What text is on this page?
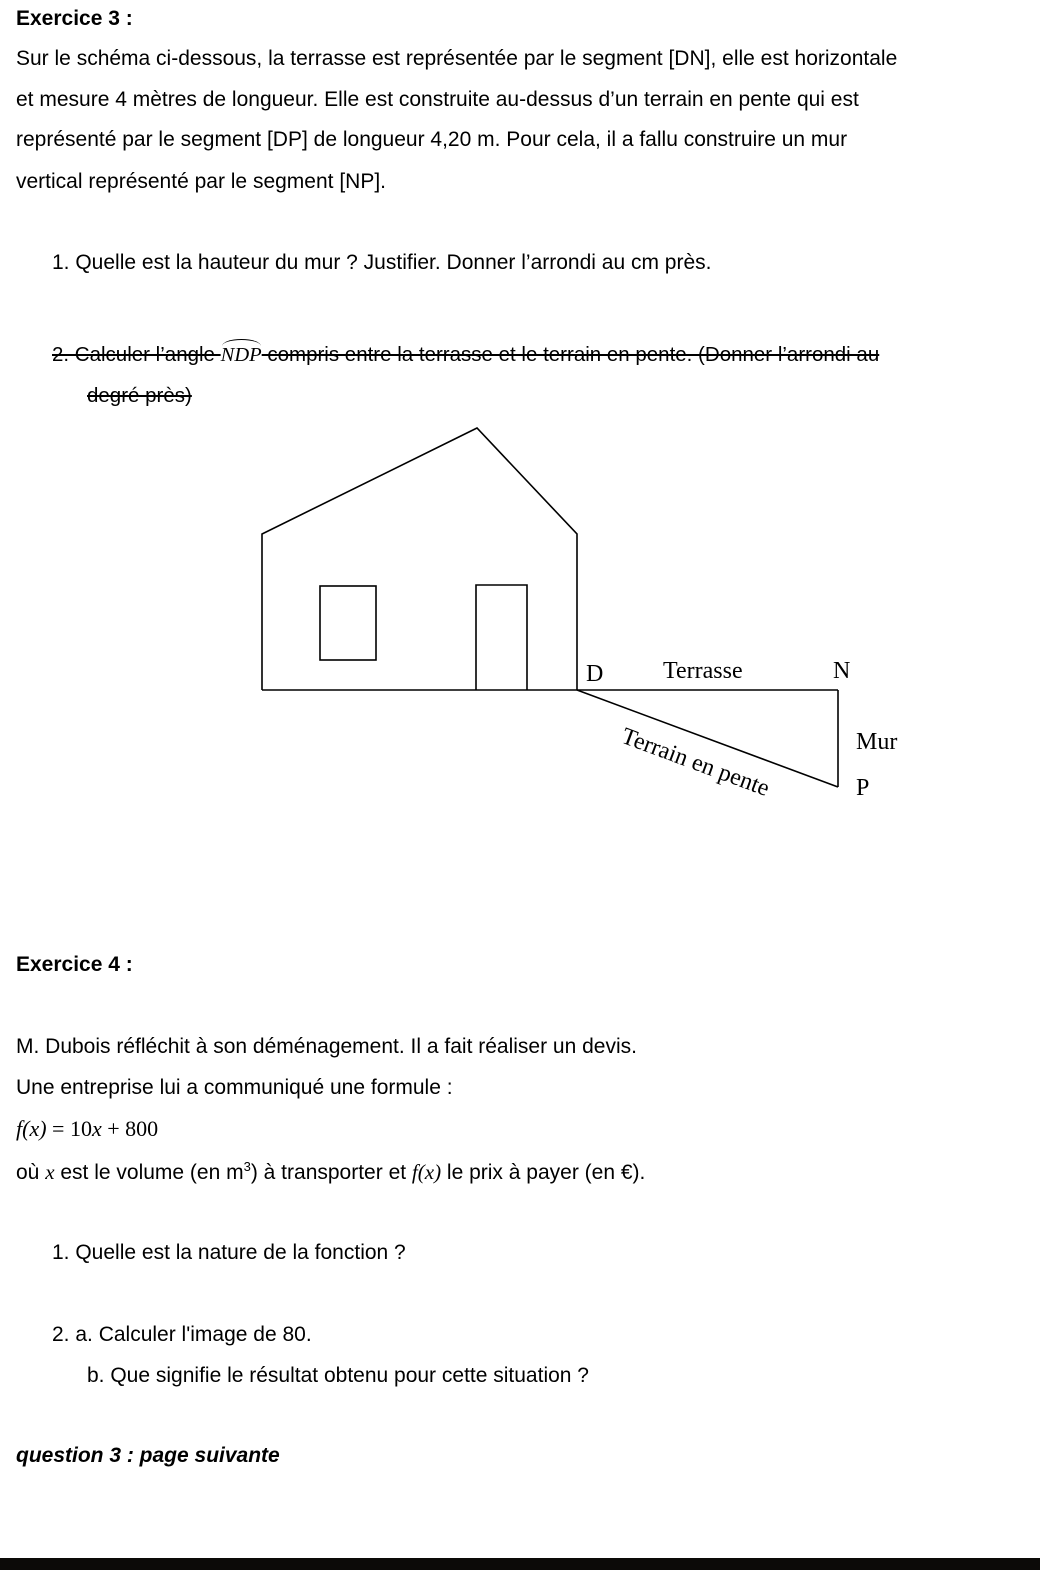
Exercice 3 :
Sur le schéma ci-dessous, la terrasse est représentée par le segment [DN], elle est horizontale
et mesure 4 mètres de longueur. Elle est construite au-dessus d’un terrain en pente qui est
représenté par le segment [DP] de longueur 4,20 m. Pour cela, il a fallu construire un mur
vertical représenté par le segment [NP].
1. Quelle est la hauteur du mur ? Justifier. Donner l’arrondi au cm près.
2. Calculer l’angle NDP compris entre la terrasse et le terrain en pente. (Donner l’arrondi au
degré près)
D Terrasse	N
Mur
P
Terrain en pente
Exercice 4 :
M. Dubois réfléchit à son déménagement. Il a fait réaliser un devis.
Une entreprise lui a communiqué une formule :
f(x) = 10x + 800
où x est le volume (en $m^3$) à transporter et f(x) le prix à payer (en €).
1. Quelle est la nature de la fonction ?
2. a. Calculer l'image de 80.
b. Que signifie le résultat obtenu pour cette situation ?
question 3 : page suivante
